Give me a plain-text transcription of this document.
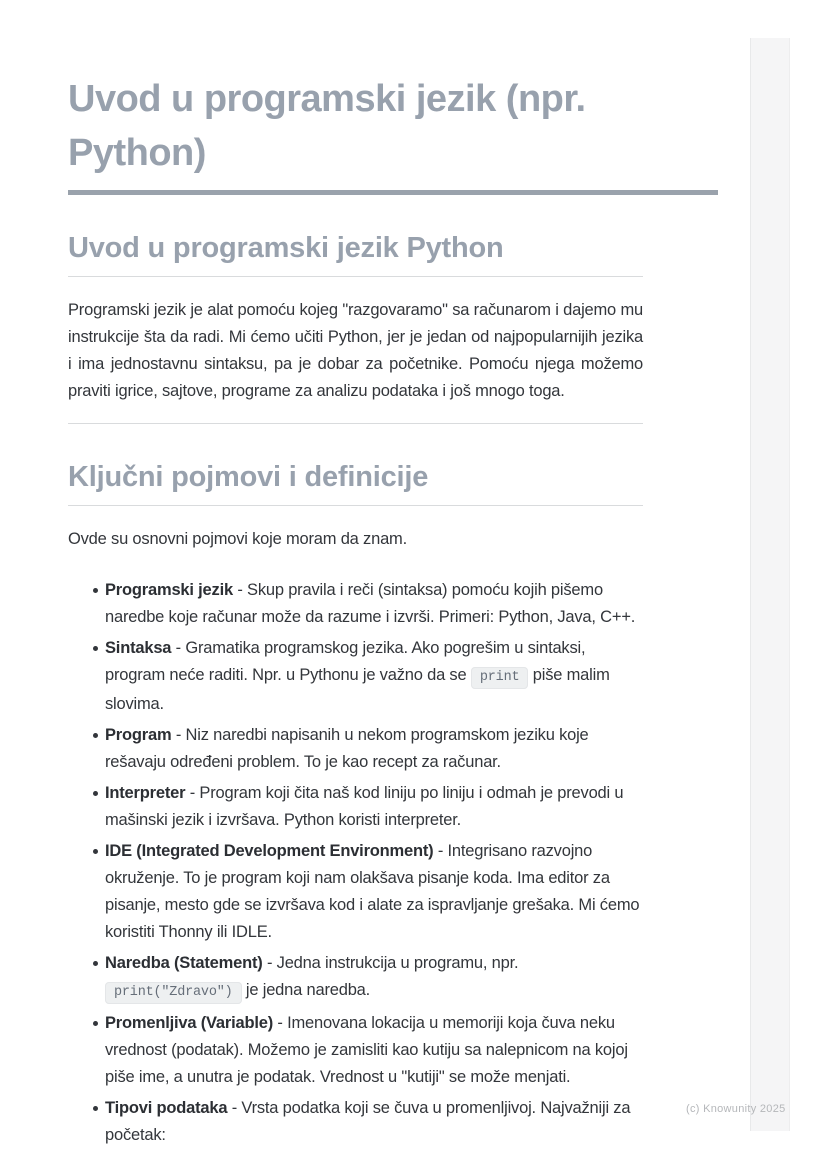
Uvod u programski jezik (npr. Python)
Uvod u programski jezik Python

Programski jezik je alat pomoću kojeg "razgovaramo" sa računarom i dajemo mu instrukcije šta da radi. Mi ćemo učiti Python, jer je jedan od najpopularnijih jezika i ima jednostavnu sintaksu, pa je dobar za početnike. Pomoću njega možemo praviti igrice, sajtove, programe za analizu podataka i još mnogo toga.

Ključni pojmovi i definicije

Ovde su osnovni pojmovi koje moram da znam.

Programski jezik - Skup pravila i reči (sintaksa) pomoću kojih pišemo naredbe koje računar može da razume i izvrši. Primeri: Python, Java, C++.
Sintaksa - Gramatika programskog jezika. Ako pogrešim u sintaksi, program neće raditi. Npr. u Pythonu je važno da se print piše malim slovima.
Program - Niz naredbi napisanih u nekom programskom jeziku koje rešavaju određeni problem. To je kao recept za računar.
Interpreter - Program koji čita naš kod liniju po liniju i odmah je prevodi u mašinski jezik i izvršava. Python koristi interpreter.
IDE (Integrated Development Environment) - Integrisano razvojno okruženje. To je program koji nam olakšava pisanje koda. Ima editor za pisanje, mesto gde se izvršava kod i alate za ispravljanje grešaka. Mi ćemo koristiti Thonny ili IDLE.
Naredba (Statement) - Jedna instrukcija u programu, npr. print("Zdravo") je jedna naredba.
Promenljiva (Variable) - Imenovana lokacija u memoriji koja čuva neku vrednost (podatak). Možemo je zamisliti kao kutiju sa nalepnicom na kojoj piše ime, a unutra je podatak. Vrednost u "kutiji" se može menjati.
Tipovi podataka - Vrsta podatka koji se čuva u promenljivoj. Najvažniji za početak:
(c) Knowunity 2025
